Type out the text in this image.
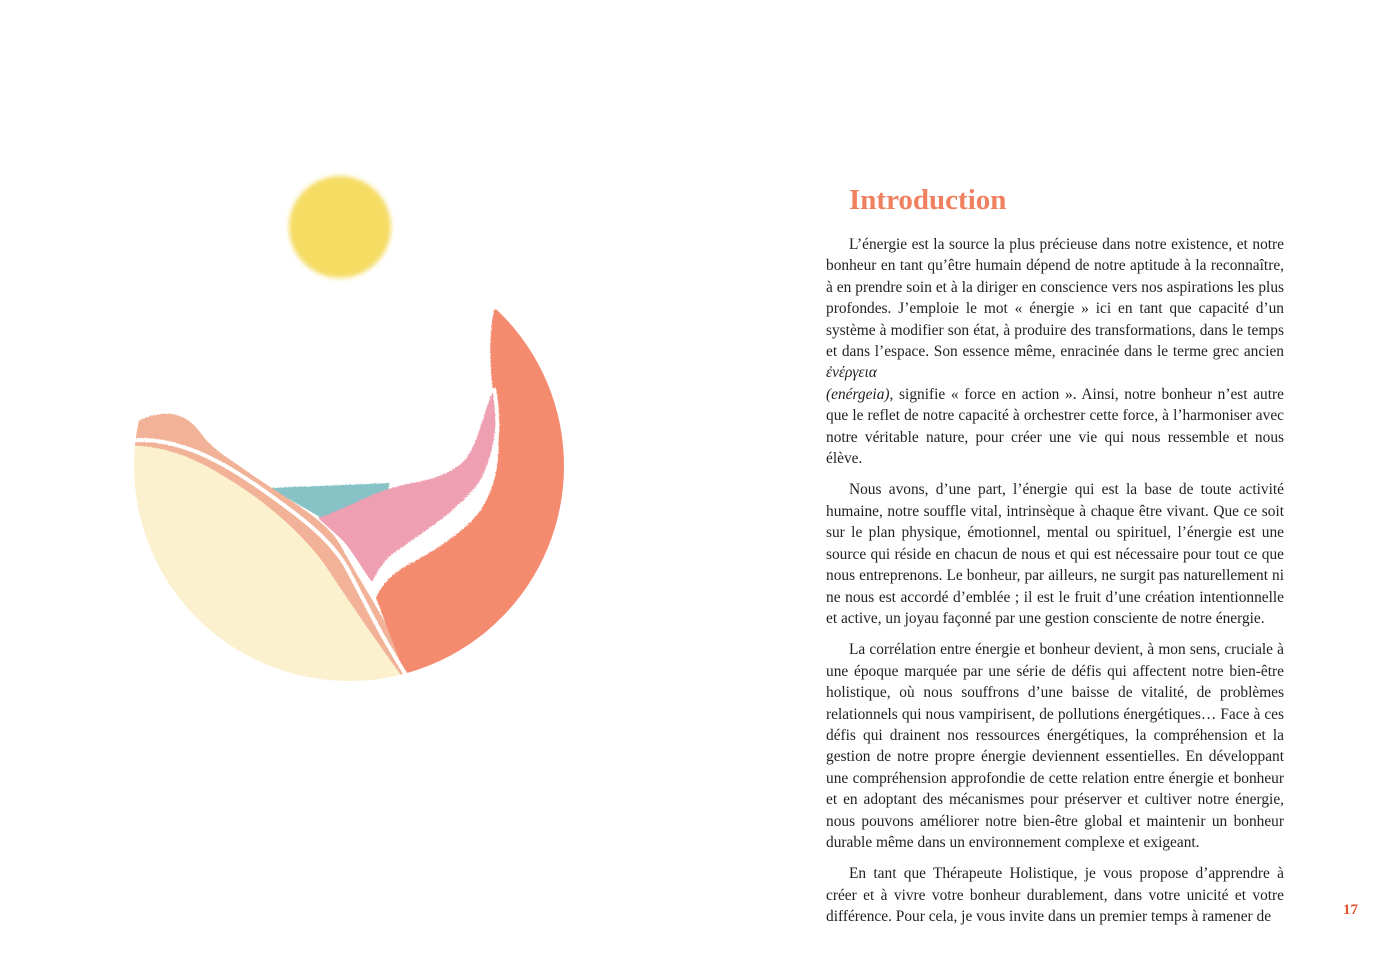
Introduction

L’énergie est la source la plus précieuse dans notre existence, et notre bonheur en tant qu’être humain dépend de notre aptitude à la reconnaître, à en prendre soin et à la diriger en conscience vers nos aspirations les plus profondes. J’emploie le mot « énergie » ici en tant que capacité d’un système à modifier son état, à produire des transformations, dans le temps et dans l’espace. Son essence même, enracinée dans le terme grec ancien ἐνέργεια
(enérgeia), signifie « force en action ». Ainsi, notre bonheur n’est autre que le reflet de notre capacité à orchestrer cette force, à l’harmoniser avec notre véritable nature, pour créer une vie qui nous ressemble et nous élève.

Nous avons, d’une part, l’énergie qui est la base de toute activité humaine, notre souffle vital, intrinsèque à chaque être vivant. Que ce soit sur le plan physique, émotionnel, mental ou spirituel, l’énergie est une source qui réside en chacun de nous et qui est nécessaire pour tout ce que nous entreprenons. Le bonheur, par ailleurs, ne surgit pas naturellement ni ne nous est accordé d’emblée ; il est le fruit d’une création intentionnelle et active, un joyau façonné par une gestion consciente de notre énergie.

La corrélation entre énergie et bonheur devient, à mon sens, cruciale à une époque marquée par une série de défis qui affectent notre bien-être holistique, où nous souffrons d’une baisse de vitalité, de problèmes relationnels qui nous vampirisent, de pollutions énergétiques… Face à ces défis qui drainent nos ressources énergétiques, la compréhension et la gestion de notre propre énergie deviennent essentielles. En développant une compréhension approfondie de cette relation entre énergie et bonheur et en adoptant des mécanismes pour préserver et cultiver notre énergie, nous pouvons améliorer notre bien-être global et maintenir un bonheur durable même dans un environnement complexe et exigeant.

En tant que Thérapeute Holistique, je vous propose d’apprendre à créer et à vivre votre bonheur durablement, dans votre unicité et votre différence. Pour cela, je vous invite dans un premier temps à ramener de	17
